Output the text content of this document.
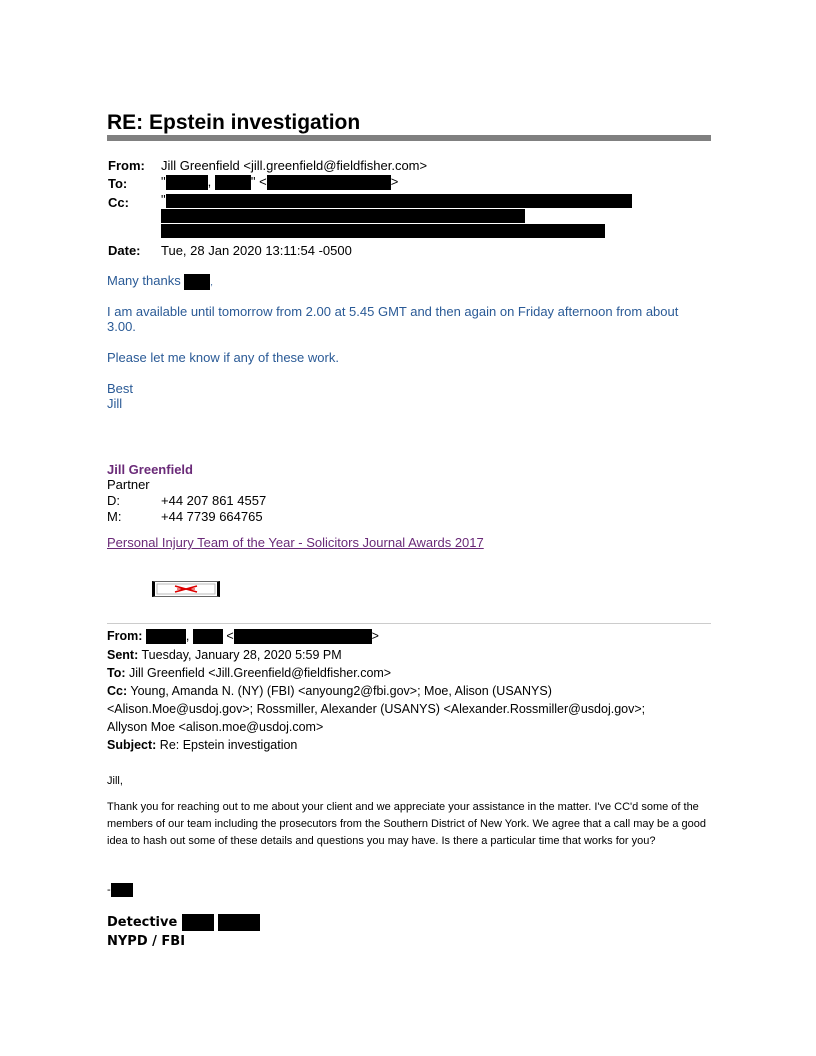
RE: Epstein investigation
From: Jill Greenfield <jill.greenfield@fieldfisher.com>
To:	"	,	" <	>
Cc: "
Date: Tue, 28 Jan 2020 13:11:54 -0500
Many thanks	,
I am available until tomorrow from 2.00 at 5.45 GMT and then again on Friday afternoon from about 3.00.
Please let me know if any of these work.
Best
Jill
Jill Greenfield
Partner
D:	+44 207 861 4557
M:	+44 7739 664765
Personal Injury Team of the Year - Solicitors Journal Awards 2017
From:	,	<	>
Sent: Tuesday, January 28, 2020 5:59 PM
To: Jill Greenfield <Jill.Greenfield@fieldfisher.com>
Cc: Young, Amanda N. (NY) (FBI) <anyoung2@fbi.gov>; Moe, Alison (USANYS)
<Alison.Moe@usdoj.gov>; Rossmiller, Alexander (USANYS) <Alexander.Rossmiller@usdoj.gov>;
Allyson Moe <alison.moe@usdoj.com>
Subject: Re: Epstein investigation
Jill,
Thank you for reaching out to me about your client and we appreciate your assistance in the matter. I've CC'd some of the members of our team including the prosecutors from the Southern District of New York. We agree that a call may be a good idea to hash out some of these details and questions you may have. Is there a particular time that works for you?
-
Detective
NYPD / FBI
